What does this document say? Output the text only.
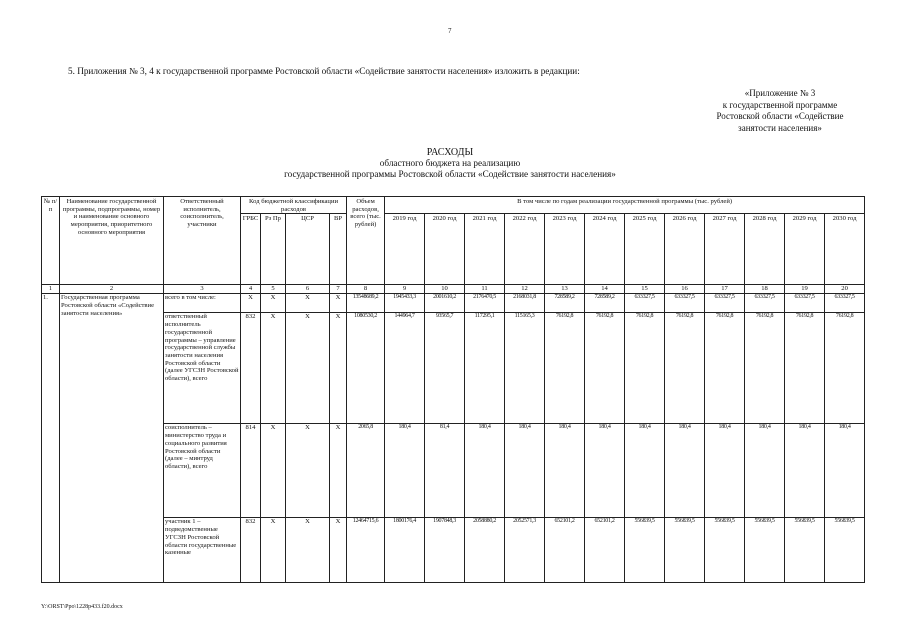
7
5. Приложения № 3, 4 к государственной программе Ростовской области «Содействие занятости населения» изложить в редакции:
«Приложение № 3
к государственной программе
Ростовской области «Содействие
занятости населения»
РАСХОДЫ
областного бюджета на реализацию
государственной программы Ростовской области «Содействие занятости населения»
№ п/п	Наименование государственной программы, подпрограммы, номер и наименование основного мероприятия, приоритетного основного мероприятия	Ответственный исполнитель, соисполнитель, участники	Код бюджетной классификации расходов				Объем расходов, всего (тыс. рублей)	В том числе по годам реализации государственной программы (тыс. рублей)											
			ГРБС	Рз Пр	ЦСР	ВР		2019 год	2020 год	2021 год	2022 год	2023 год	2024 год	2025 год	2026 год	2027 год	2028 год	2029 год	2030 год
1	2	3	4	5	6	7	8	9	10	11	12	13	14	15	16	17	18	19	20
1.	Государственная программа Ростовской области «Содействие занятости населения»	всего в том числе:	Х	Х	Х	Х	13548689,2	1945433,3	2001610,2	2176470,5	2168031,8	728589,2	728589,2	633327,5	633327,5	633327,5	633327,5	633327,5	633327,5
		ответственный исполнитель государственной программы – управление государственной службы занятости населения Ростовской области (далее УГСЗН Ростовской области), всего	832	Х	Х	Х	1080530,2	144964,7	93565,7	117295,1	115165,3	76192,8	76192,8	76192,8	76192,8	76192,8	76192,8	76192,8	76192,8
		соисполнитель – министерство труда и социального развития Ростовской области (далее – минтруд области), всего	814	Х	Х	Х	2065,8	180,4	81,4	180,4	180,4	180,4	180,4	180,4	180,4	180,4	180,4	180,4	180,4
		участник 1 – подведомственные УГСЗН Ростовской области государственные казенные	832	Х	Х	Х	12464715,6	1800176,4	1907848,3	2058880,2	2052571,3	652101,2	652101,2	556839,5	556839,5	556839,5	556839,5	556839,5	556839,5
Y:\ORST\Ppo\1228p433.f20.docx
